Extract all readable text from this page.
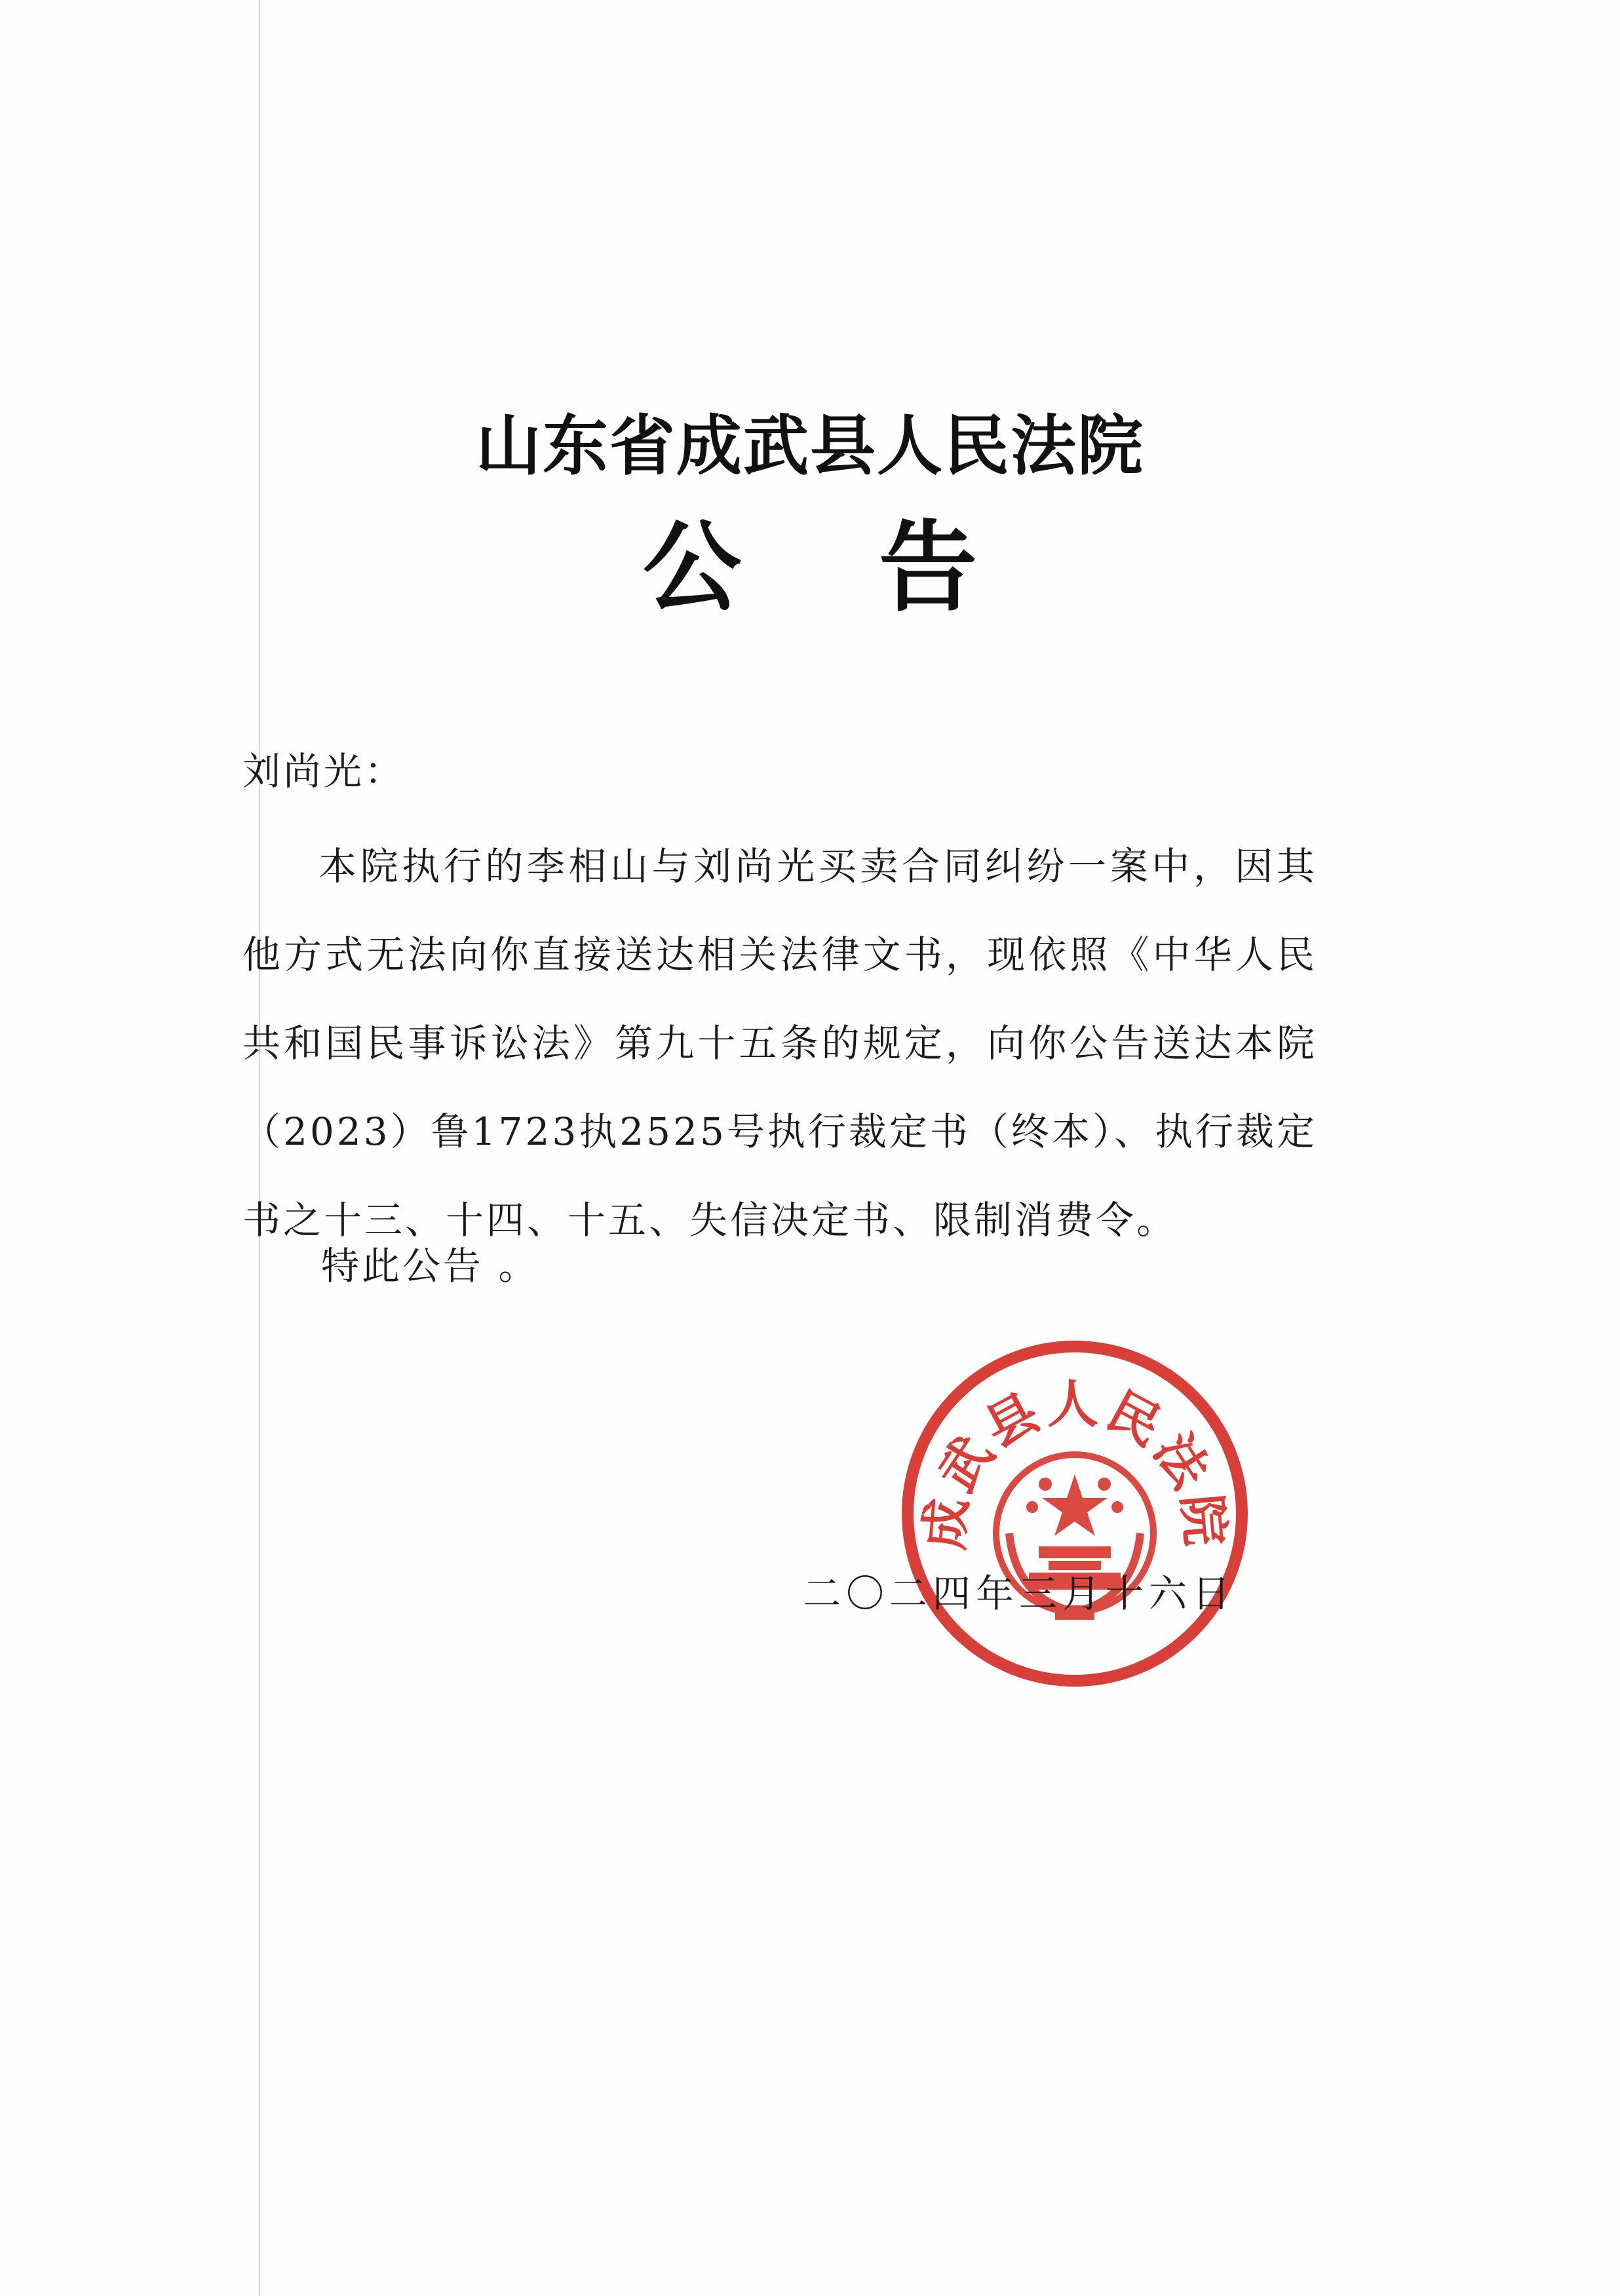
山东省成武县人民法院
公 告
刘尚光：
本院执行的李相山与刘尚光买卖合同纠纷一案中，因其他方式无法向你直接送达相关法律文书，现依照《中华人民共和国民事诉讼法》第九十五条的规定，向你公告送达本院（2023）鲁1723执2525号执行裁定书（终本）、执行裁定书之十三、十四、十五、失信决定书、限制消费令。
特此公告 。
成武县人民法院
二〇二四年三月十六日
